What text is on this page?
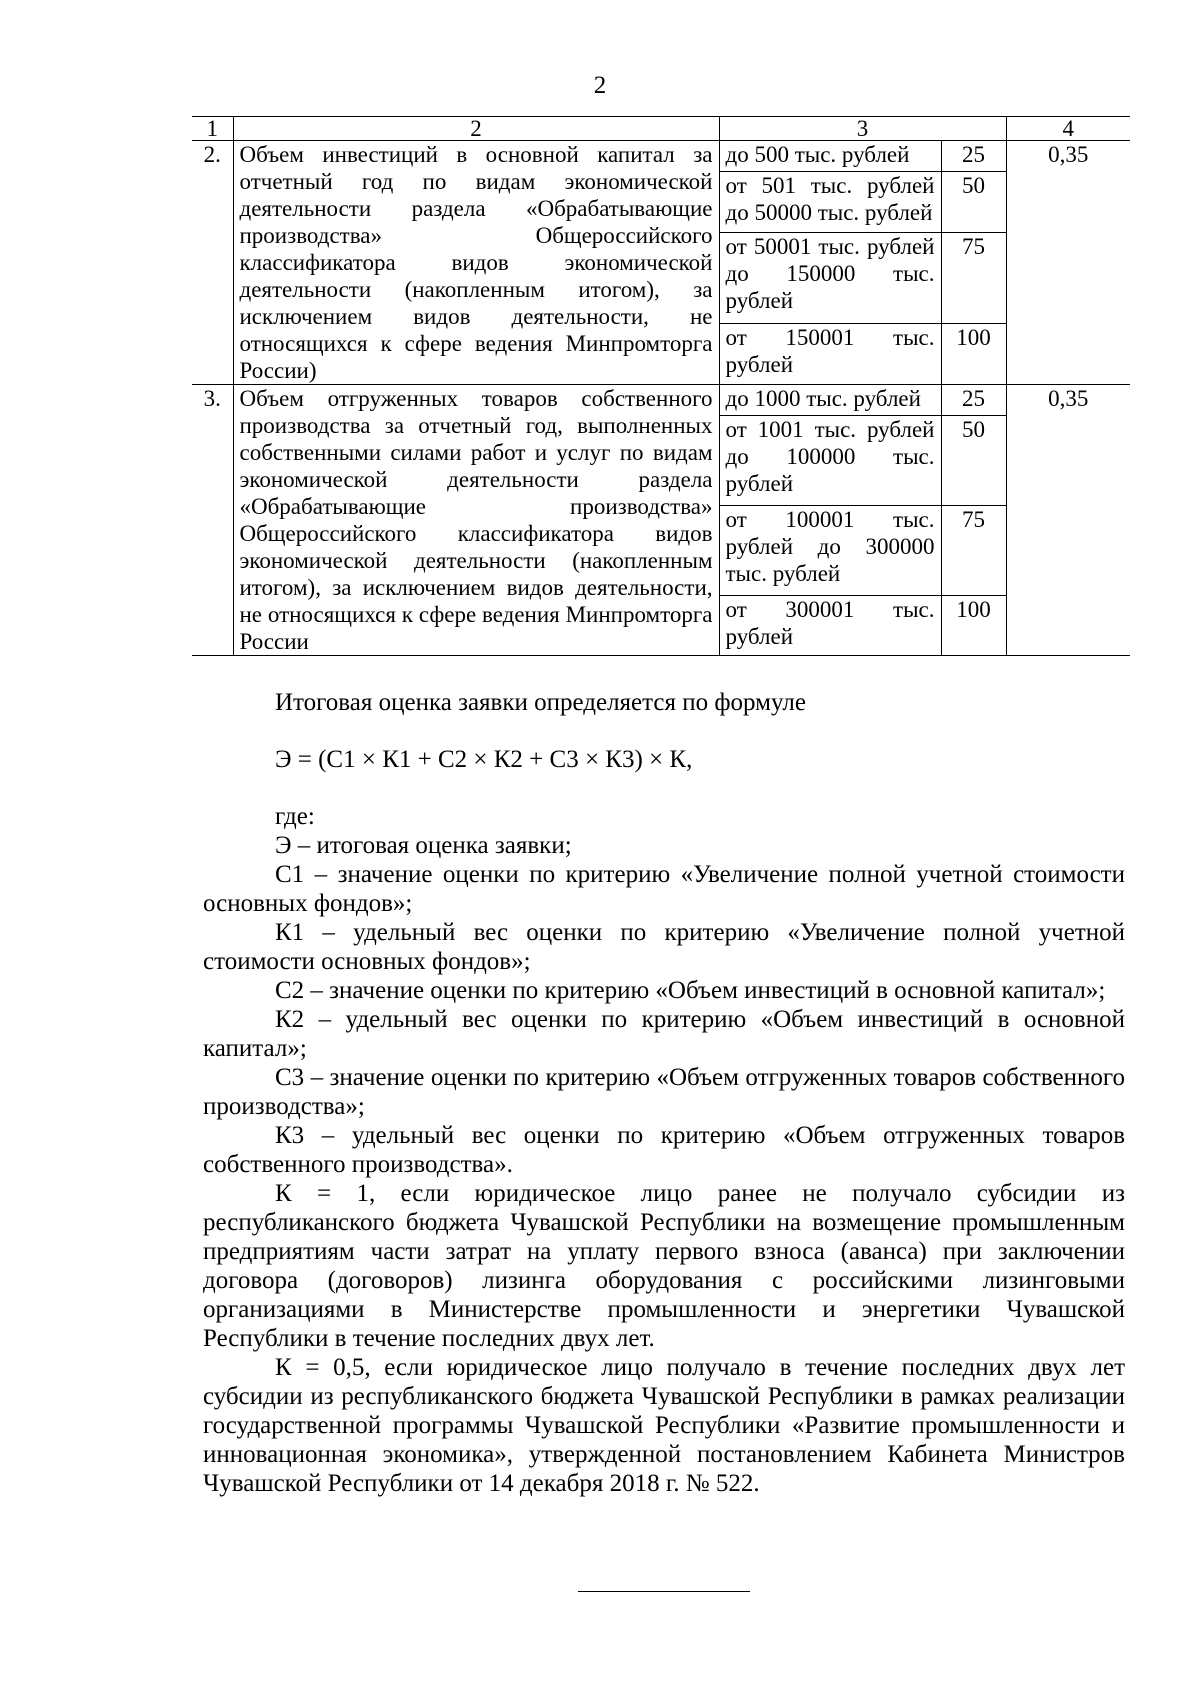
2
1	2	3		4
2.	Объем инвестиций в основной капитал за отчетный год по видам экономической деятельности раздела «Обрабатывающие производства» Общероссийского классификатора видов экономической деятельности (накопленным итогом), за исключением видов деятельности, не относящихся к сфере ведения Минпромторга России)	до 500 тыс. рублей	25	0,35
		от 501 тыс. рублей до 50000 тыс. рублей	50	
		от 50001 тыс. рублей до 150000 тыс. рублей	75	
		от 150001 тыс. рублей	100	
3.	Объем отгруженных товаров собственного производства за отчетный год, выполненных собственными силами работ и услуг по видам экономической деятельности раздела «Обрабатывающие производства» Общероссийского классификатора видов экономической деятельности (накопленным итогом), за исключением видов деятельности, не относящихся к сфере ведения Минпромторга России	до 1000 тыс. рублей	25	0,35
		от 1001 тыс. рублей до 100000 тыс. рублей	50	
		от 100001 тыс. рублей до 300000 тыс. рублей	75	
		от 300001 тыс. рублей	100	
Итоговая оценка заявки определяется по формуле
Э = (С1 × К1 + С2 × К2 + С3 × К3) × К,

где:

Э – итоговая оценка заявки;

С1 – значение оценки по критерию «Увеличение полной учетной стоимости основных фондов»;

К1 – удельный вес оценки по критерию «Увеличение полной учетной стоимости основных фондов»;

С2 – значение оценки по критерию «Объем инвестиций в основной капитал»;

К2 – удельный вес оценки по критерию «Объем инвестиций в основной капитал»;

С3 – значение оценки по критерию «Объем отгруженных товаров собственного производства»;

К3 – удельный вес оценки по критерию «Объем отгруженных товаров собственного производства».

К = 1, если юридическое лицо ранее не получало субсидии из республиканского бюджета Чувашской Республики на возмещение промышленным предприятиям части затрат на уплату первого взноса (аванса) при заключении договора (договоров) лизинга оборудования с российскими лизинговыми организациями в Министерстве промышленности и энергетики Чувашской Республики в течение последних двух лет.

К = 0,5, если юридическое лицо получало в течение последних двух лет субсидии из республиканского бюджета Чувашской Республики в рамках реализации государственной программы Чувашской Республики «Развитие промышленности и инновационная экономика», утвержденной постановлением Кабинета Министров Чувашской Республики от 14 декабря 2018 г. № 522.
